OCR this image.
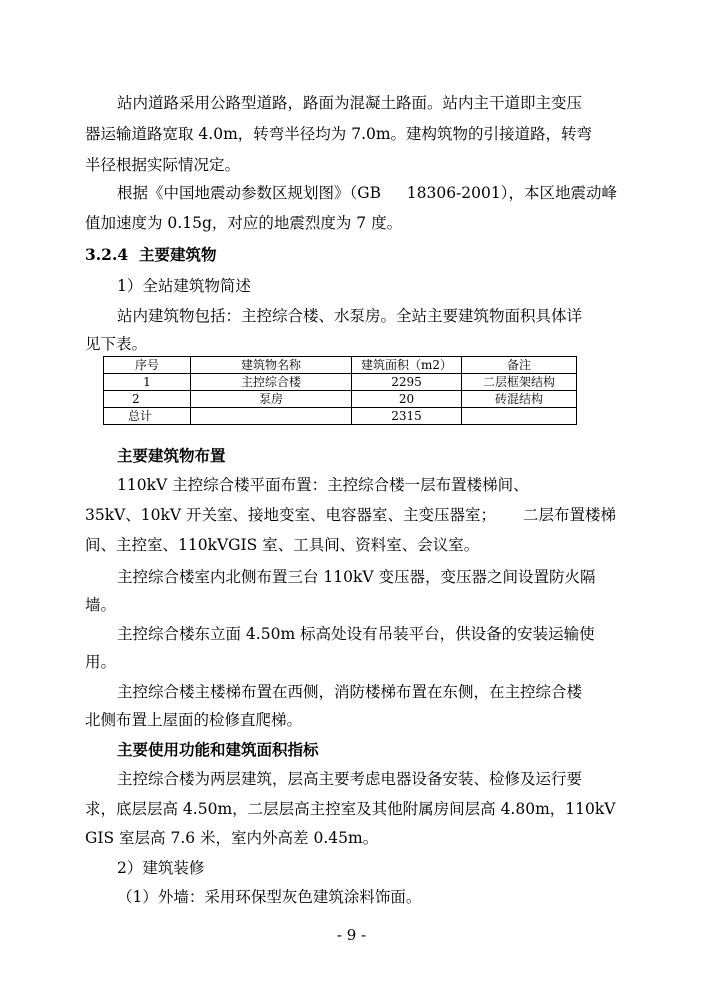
站内道路采用公路型道路，路面为混凝土路面。站内主干道即主变压
器运输道路宽取 4.0m，转弯半径均为 7.0m。建构筑物的引接道路，转弯
半径根据实际情况定。
根据《中国地震动参数区规划图》（GB 18306-2001），本区地震动峰
值加速度为 0.15g，对应的地震烈度为 7 度。
3.2.4 主要建筑物
1）全站建筑物简述
站内建筑物包括：主控综合楼、水泵房。全站主要建筑物面积具体详
见下表。
序号	建筑物名称	建筑面积（m2）	备注
1	主控综合楼	2295	二层框架结构
2	泵房	20	砖混结构
总计		2315	
主要建筑物布置
110kV 主控综合楼平面布置：主控综合楼一层布置楼梯间、
35kV、10kV 开关室、接地变室、电容器室、主变压器室； 二层布置楼梯
间、主控室、110kVGIS 室、工具间、资料室、会议室。
主控综合楼室内北侧布置三台 110kV 变压器，变压器之间设置防火隔
墙。
主控综合楼东立面 4.50m 标高处设有吊装平台，供设备的安装运输使
用。
主控综合楼主楼梯布置在西侧，消防楼梯布置在东侧，在主控综合楼
北侧布置上屋面的检修直爬梯。
主要使用功能和建筑面积指标
主控综合楼为两层建筑，层高主要考虑电器设备安装、检修及运行要
求，底层层高 4.50m，二层层高主控室及其他附属房间层高 4.80m，110kV
GIS 室层高 7.6 米，室内外高差 0.45m。
2）建筑装修
（1）外墙：采用环保型灰色建筑涂料饰面。
- 9 -
